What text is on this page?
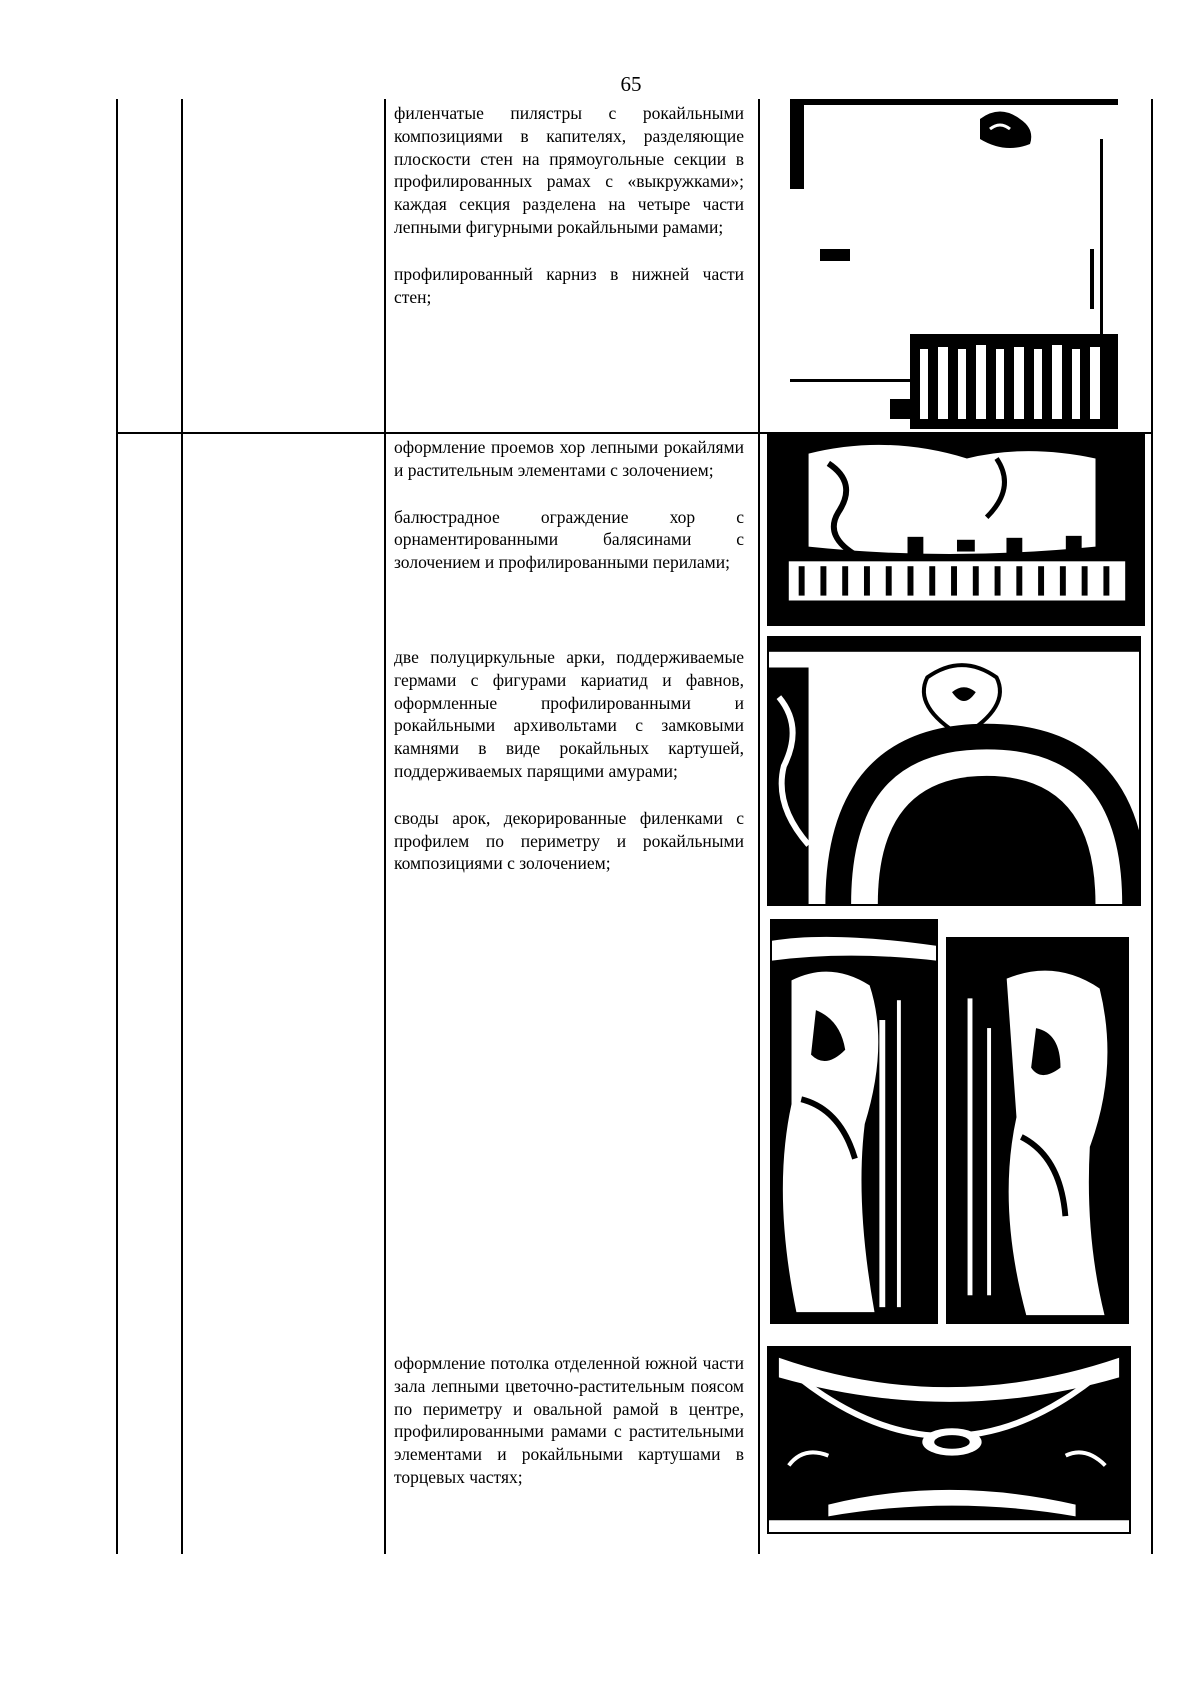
65

филенчатые пилястры с рокайльными композициями в капителях, разделяющие плоскости стен на прямоугольные секции в профилированных рамах с «выкружками»; каждая секция разделена на четыре части лепными фигурными рокайльными рамами;

профилированный карниз в нижней части стен;

оформление проемов хор лепными рокайлями и растительным элементами с золочением;

балюстрадное ограждение хор с орнаментированными балясинами с золочением и профилированными перилами;

две полуциркульные арки, поддерживаемые гермами с фигурами кариатид и фавнов, оформленные профилированными и рокайльными архивольтами с замковыми камнями в виде рокайльных картушей, поддерживаемых парящими амурами;

своды арок, декорированные филенками с профилем по периметру и рокайльными композициями с золочением;

оформление потолка отделенной южной части зала лепными цветочно-растительным поясом по периметру и овальной рамой в центре, профилированными рамами с растительными элементами и рокайльными картушами в торцевых частях;
